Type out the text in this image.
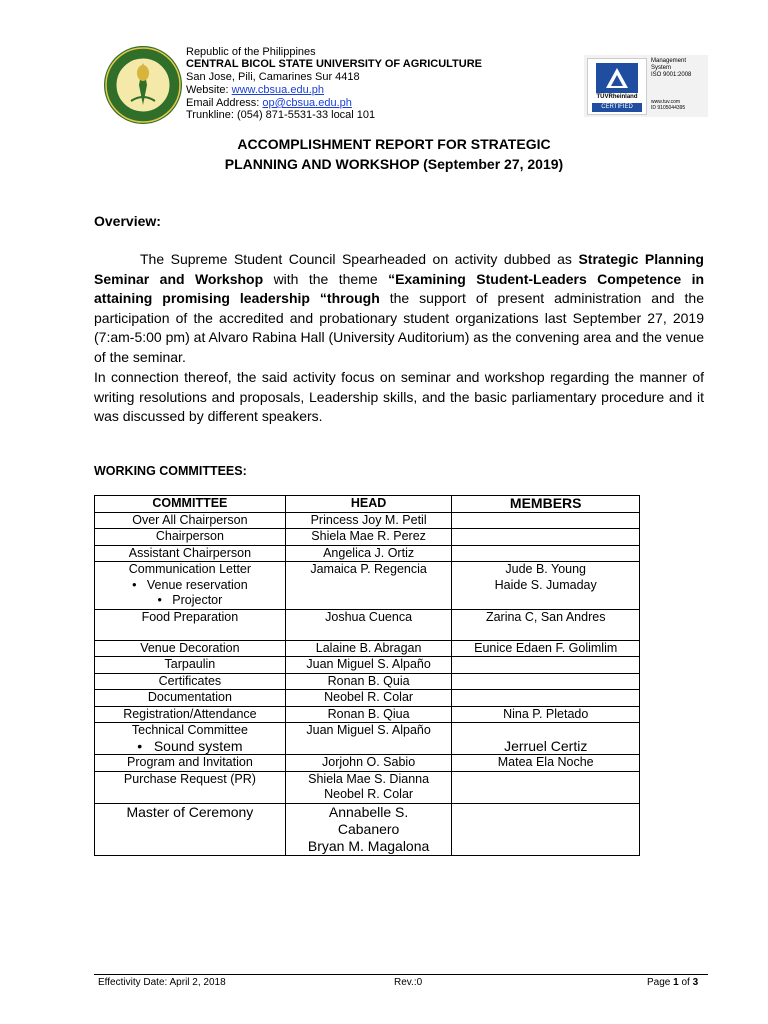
Republic of the Philippines
CENTRAL BICOL STATE UNIVERSITY OF AGRICULTURE
San Jose, Pili, Camarines Sur 4418
Website: www.cbsua.edu.ph
Email Address: op@cbsua.edu.ph
Trunkline: (054) 871-5531-33 local 101
TÜVRheinland
CERTIFIED
Management
System
ISO 9001:2008
www.tuv.com
ID 9105044395
ACCOMPLISHMENT REPORT FOR STRATEGIC
PLANNING AND WORKSHOP (September 27, 2019)
Overview:
The Supreme Student Council Spearheaded on activity dubbed as Strategic Planning Seminar and Workshop with the theme “Examining Student-Leaders Competence in attaining promising leadership “through the support of present administration and the participation of the accredited and probationary student organizations last September 27, 2019 (7:am-5:00 pm) at Alvaro Rabina Hall (University Auditorium) as the convening area and the venue of the seminar.
In connection thereof, the said activity focus on seminar and workshop regarding the manner of writing resolutions and proposals, Leadership skills, and the basic parliamentary procedure and it was discussed by different speakers.
WORKING COMMITTEES:
COMMITTEE	HEAD	MEMBERS
Over All Chairperson	Princess Joy M. Petil	
Chairperson	Shiela Mae R. Perez	
Assistant Chairperson	Angelica J. Ortiz	

Communication Letter
•   Venue reservation
•   Projector	Jamaica P. Regencia	Jude B. Young
Haide S. Jumaday

Food Preparation	Joshua Cuenca	Zarina C, San Andres
Venue Decoration	Lalaine B. Abragan	Eunice Edaen F. Golimlim
Tarpaulin	Juan Miguel S. Alpaño	
Certificates	Ronan B. Quia	
Documentation	Neobel R. Colar	
Registration/Attendance	Ronan B. Qiua	Nina P. Pletado

Technical Committee
•   Sound system	Juan Miguel S. Alpaño	Jerruel Certiz
Program and Invitation	Jorjohn O. Sabio	Matea Ela Noche
Purchase Request (PR)	Shiela Mae S. Dianna
Neobel R. Colar	

Master of Ceremony	Annabelle S.
Cabanero
Bryan M. Magalona	

Effectivity Date: April 2, 2018	Rev.:0	Page 1 of 3
